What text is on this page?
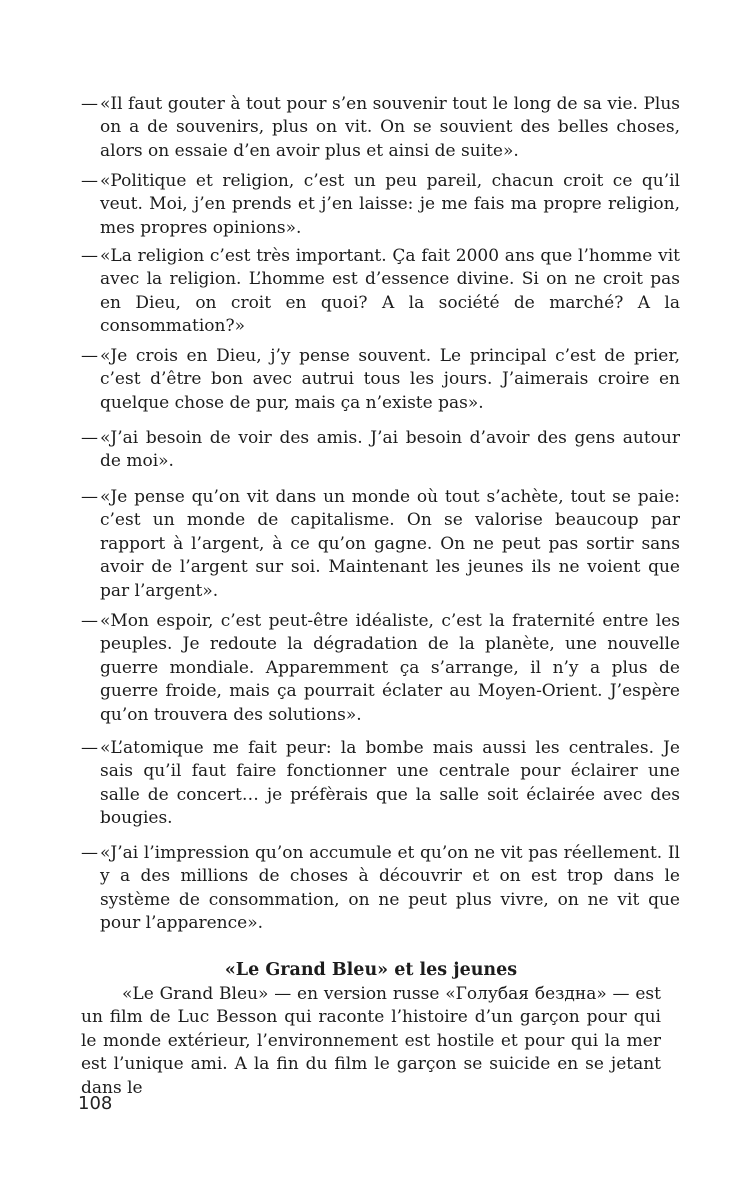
— «Il faut gouter à tout pour s’en souvenir tout le long de sa vie. Plus on a de souvenirs, plus on vit. On se souvient des belles choses, alors on essaie d’en avoir plus et ainsi de suite».
— «Politique et religion, c’est un peu pareil, chacun croit ce qu’il veut. Moi, j’en prends et j’en laisse: je me fais ma propre religion, mes propres opinions».
— «La religion c’est très important. Ça fait 2000 ans que l’homme vit avec la religion. L’homme est d’essence divine. Si on ne croit pas en Dieu, on croit en quoi? A la société de marché? A la consommation?»
— «Je crois en Dieu, j’y pense souvent. Le principal c’est de prier, c’est d’être bon avec autrui tous les jours. J’aimerais croire en quelque chose de pur, mais ça n’existe pas».
— «J’ai besoin de voir des amis. J’ai besoin d’avoir des gens autour de moi».
— «Je pense qu’on vit dans un monde où tout s’achète, tout se paie: c’est un monde de capitalisme. On se valorise beaucoup par rapport à l’argent, à ce qu’on gagne. On ne peut pas sortir sans avoir de l’argent sur soi. Maintenant les jeunes ils ne voient que par l’argent».
— «Mon espoir, c’est peut-être idéaliste, c’est la fraternité entre les peuples. Je redoute la dégradation de la planète, une nouvelle guerre mondiale. Apparemment ça s’arrange, il n’y a plus de guerre froide, mais ça pourrait éclater au Moyen-Orient. J’espère qu’on trouvera des solutions».
— «L’atomique me fait peur: la bombe mais aussi les centrales. Je sais qu’il faut faire fonctionner une centrale pour éclairer une salle de concert… je préfèrais que la salle soit éclairée avec des bougies.
— «J’ai l’impression qu’on accumule et qu’on ne vit pas réellement. Il y a des millions de choses à découvrir et on est trop dans le système de consommation, on ne peut plus vivre, on ne vit que pour l’apparence».
«Le Grand Bleu» et les jeunes
«Le Grand Bleu» — en version russe «Голубая бездна» — est un film de Luc Besson qui raconte l’histoire d’un garçon pour qui le monde extérieur, l’environnement est hostile et pour qui la mer est l’unique ami. A la fin du film le garçon se suicide en se jetant dans le
108
